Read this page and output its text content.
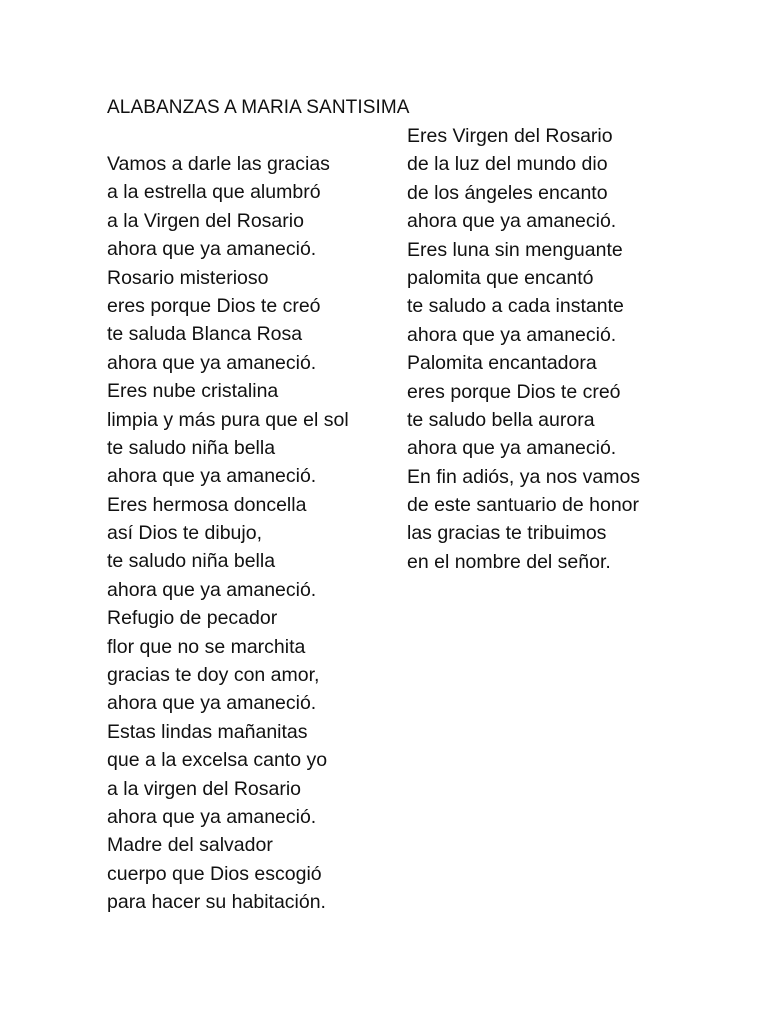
ALABANZAS A MARIA SANTISIMA
Vamos a darle las gracias
a la estrella que alumbró
a la Virgen del Rosario
ahora que ya amaneció.
Rosario misterioso
eres porque Dios te creó
te saluda Blanca Rosa
ahora que ya amaneció.
Eres nube cristalina
limpia y más pura que el sol
te saludo niña bella
ahora que ya amaneció.
Eres hermosa doncella
así Dios te dibujo,
te saludo niña bella
ahora que ya amaneció.
Refugio de pecador
flor que no se marchita
gracias te doy con amor,
ahora que ya amaneció.
Estas lindas mañanitas
que a la excelsa canto yo
a la virgen del Rosario
ahora que ya amaneció.
Madre del salvador
cuerpo que Dios escogió
para hacer su habitación.
Eres Virgen del Rosario
de la luz del mundo dio
de los ángeles encanto
ahora que ya amaneció.
Eres luna sin menguante
palomita que encantó
te saludo a cada instante
ahora que ya amaneció.
Palomita encantadora
eres porque Dios te creó
te saludo bella aurora
ahora que ya amaneció.
En fin adiós, ya nos vamos
de este santuario de honor
las gracias te tribuimos
en el nombre del señor.
